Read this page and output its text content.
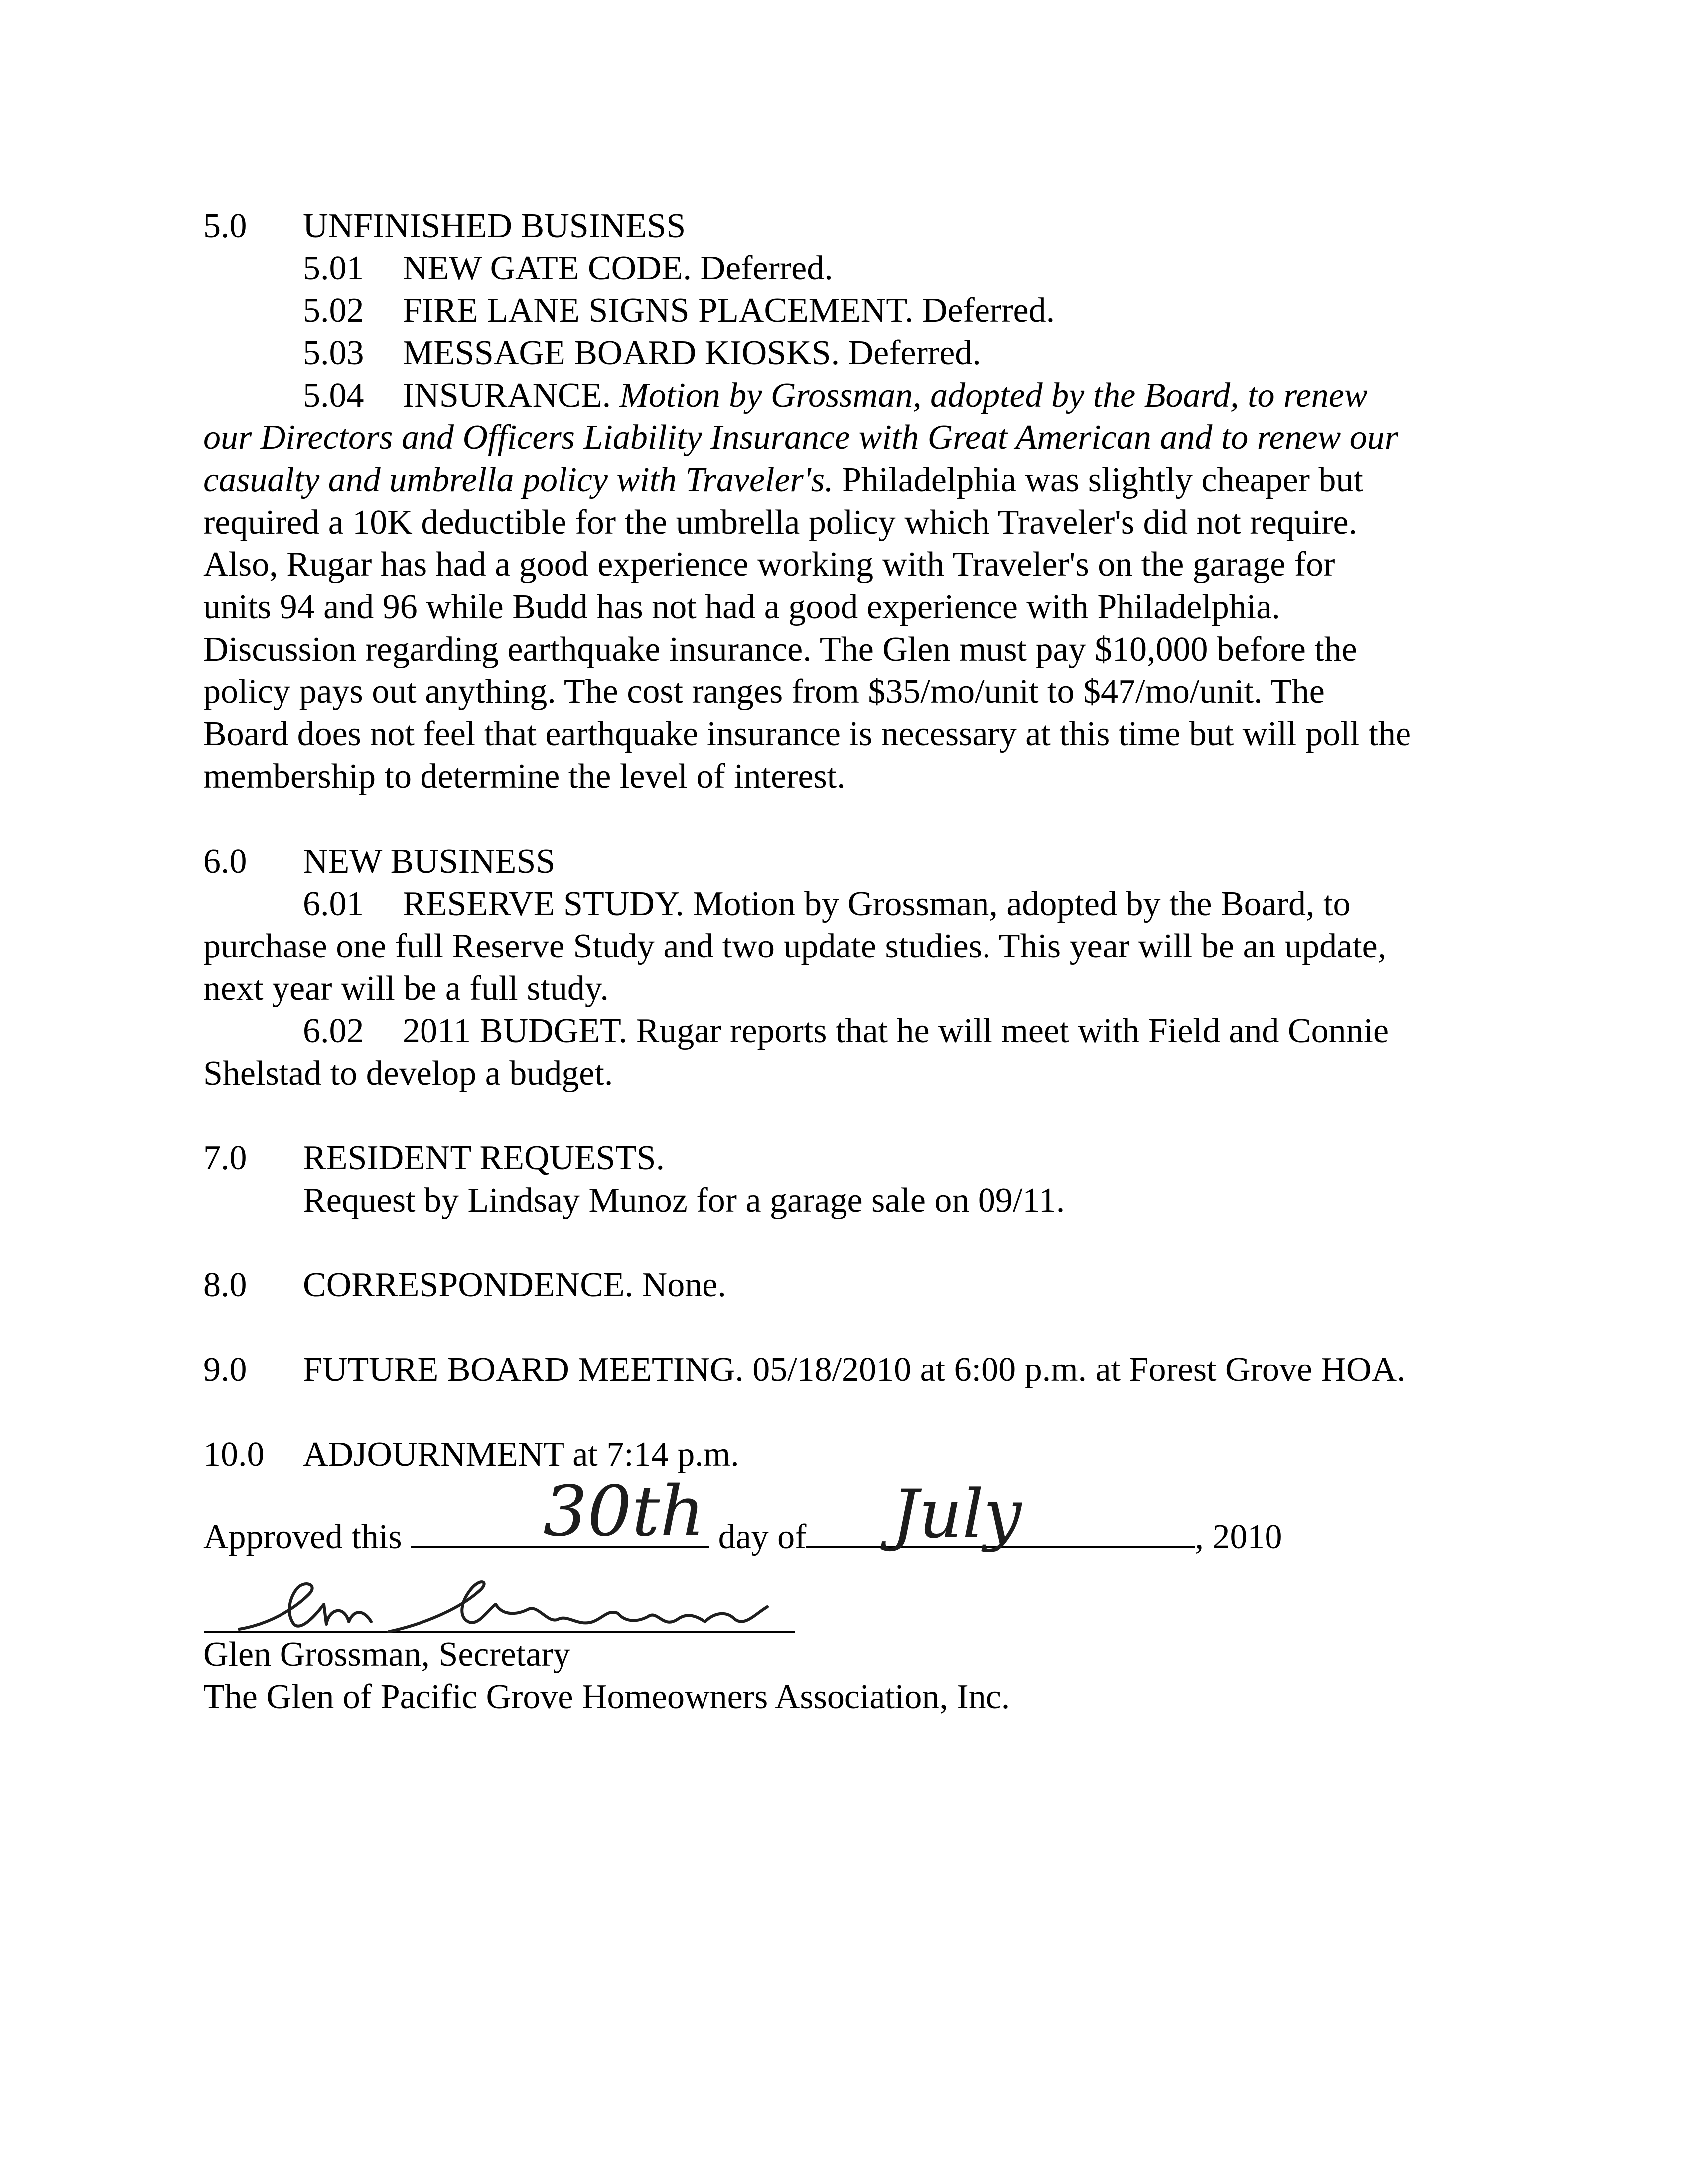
5.0 UNFINISHED BUSINESS

5.01 NEW GATE CODE. Deferred.

5.02 FIRE LANE SIGNS PLACEMENT. Deferred.

5.03 MESSAGE BOARD KIOSKS. Deferred.

5.04 INSURANCE. Motion by Grossman, adopted by the Board, to renew

our Directors and Officers Liability Insurance with Great American and to renew our

casualty and umbrella policy with Traveler's. Philadelphia was slightly cheaper but

required a 10K deductible for the umbrella policy which Traveler's did not require.

Also, Rugar has had a good experience working with Traveler's on the garage for

units 94 and 96 while Budd has not had a good experience with Philadelphia.

Discussion regarding earthquake insurance. The Glen must pay $10,000 before the

policy pays out anything. The cost ranges from $35/mo/unit to $47/mo/unit. The

Board does not feel that earthquake insurance is necessary at this time but will poll the

membership to determine the level of interest.

6.0 NEW BUSINESS

6.01 RESERVE STUDY. Motion by Grossman, adopted by the Board, to

purchase one full Reserve Study and two update studies. This year will be an update,

next year will be a full study.

6.02 2011 BUDGET. Rugar reports that he will meet with Field and Connie

Shelstad to develop a budget.

7.0 RESIDENT REQUESTS.

Request by Lindsay Munoz for a garage sale on 09/11.

8.0 CORRESPONDENCE. None.

9.0 FUTURE BOARD MEETING. 05/18/2010 at 6:00 p.m. at Forest Grove HOA.

10.0 ADJOURNMENT at 7:14 p.m.

Approved this	day of	, 2010

30th	July
Glen Grossman

Glen Grossman, Secretary

The Glen of Pacific Grove Homeowners Association, Inc.
